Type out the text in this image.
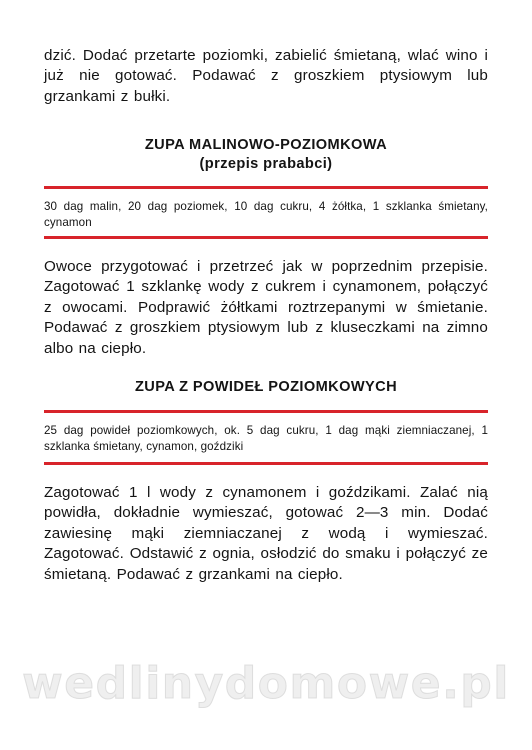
dzić. Dodać przetarte poziomki, zabielić śmietaną, wlać wino i już nie gotować. Podawać z groszkiem ptysiowym lub grzankami z bułki.

ZUPA MALINOWO-POZIOMKOWA
(przepis prababci)

30 dag malin, 20 dag poziomek, 10 dag cukru, 4 żółtka, 1 szklanka śmietany, cynamon

Owoce przygotować i przetrzeć jak w poprzednim przepisie. Zagotować 1 szklankę wody z cukrem i cynamonem, połączyć z owocami. Podprawić żółtkami roztrzepanymi w śmietanie. Podawać z groszkiem ptysiowym lub z kluseczkami na zimno albo na ciepło.

ZUPA Z POWIDEŁ POZIOMKOWYCH

25 dag powideł poziomkowych, ok. 5 dag cukru, 1 dag mąki ziemniaczanej, 1 szklanka śmietany, cynamon, goździki

Zagotować 1 l wody z cynamonem i goździkami. Zalać nią powidła, dokładnie wymieszać, gotować 2—3 min. Dodać zawiesinę mąki ziemniaczanej z wodą i wymieszać. Zagotować. Odstawić z ognia, osłodzić do smaku i połączyć ze śmietaną. Podawać z grzankami na ciepło.

wedlinydomowe.pl
